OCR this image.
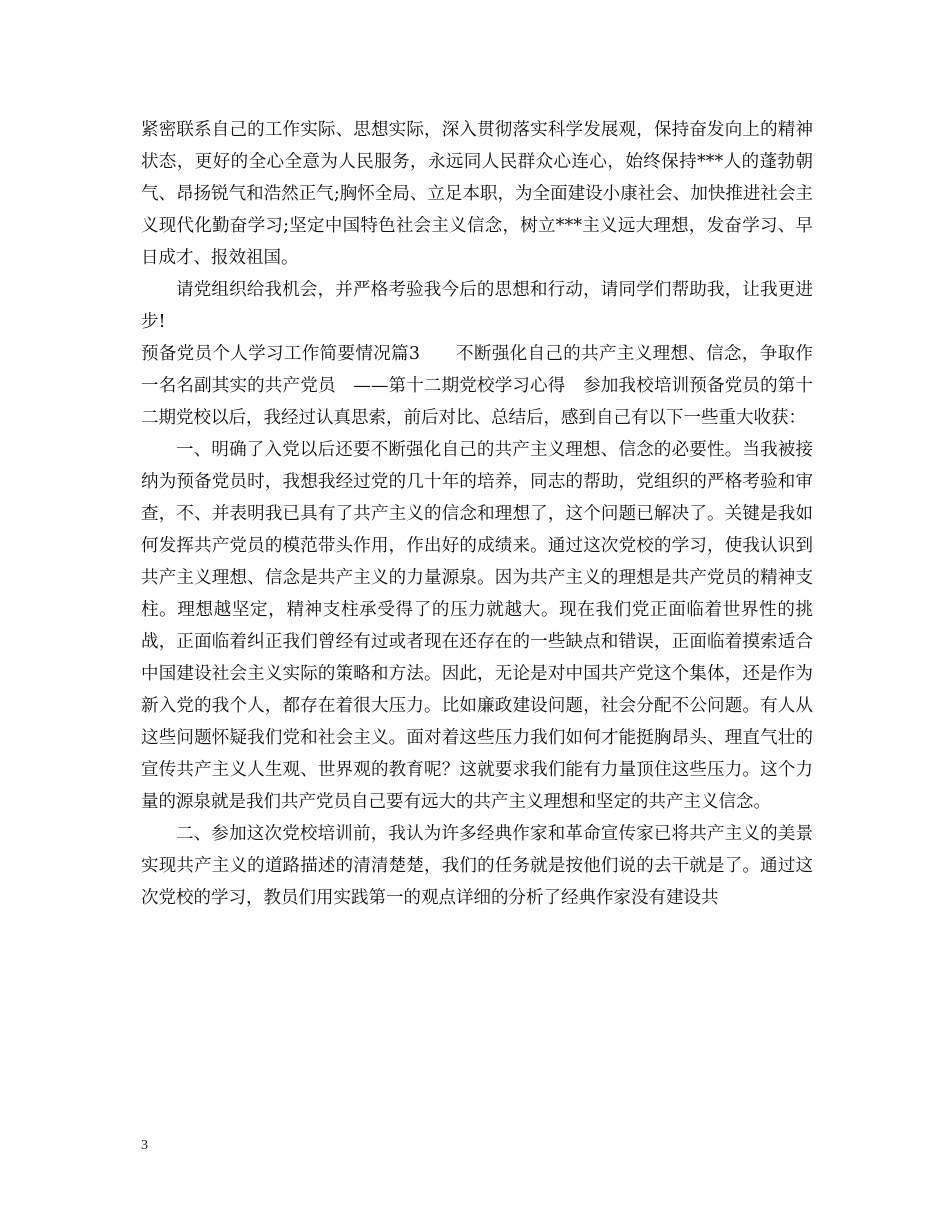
紧密联系自己的工作实际、思想实际，深入贯彻落实科学发展观，保持奋发向上的精神状态，更好的全心全意为人民服务，永远同人民群众心连心，始终保持***人的蓬勃朝气、昂扬锐气和浩然正气;胸怀全局、立足本职，为全面建设小康社会、加快推进社会主义现代化勤奋学习;坚定中国特色社会主义信念，树立***主义远大理想，发奋学习、早日成才、报效祖国。

请党组织给我机会，并严格考验我今后的思想和行动，请同学们帮助我，让我更进步!

预备党员个人学习工作简要情况篇3　　不断强化自己的共产主义理想、信念，争取作一名名副其实的共产党员　——第十二期党校学习心得　参加我校培训预备党员的第十二期党校以后，我经过认真思索，前后对比、总结后，感到自己有以下一些重大收获：

一、明确了入党以后还要不断强化自己的共产主义理想、信念的必要性。当我被接纳为预备党员时，我想我经过党的几十年的培养，同志的帮助，党组织的严格考验和审查，不、并表明我已具有了共产主义的信念和理想了，这个问题已解决了。关键是我如何发挥共产党员的模范带头作用，作出好的成绩来。通过这次党校的学习，使我认识到共产主义理想、信念是共产主义的力量源泉。因为共产主义的理想是共产党员的精神支柱。理想越坚定，精神支柱承受得了的压力就越大。现在我们党正面临着世界性的挑战，正面临着纠正我们曾经有过或者现在还存在的一些缺点和错误，正面临着摸索适合中国建设社会主义实际的策略和方法。因此，无论是对中国共产党这个集体，还是作为新入党的我个人，都存在着很大压力。比如廉政建设问题，社会分配不公问题。有人从这些问题怀疑我们党和社会主义。面对着这些压力我们如何才能挺胸昂头、理直气壮的宣传共产主义人生观、世界观的教育呢？这就要求我们能有力量顶住这些压力。这个力量的源泉就是我们共产党员自己要有远大的共产主义理想和坚定的共产主义信念。

二、参加这次党校培训前，我认为许多经典作家和革命宣传家已将共产主义的美景实现共产主义的道路描述的清清楚楚，我们的任务就是按他们说的去干就是了。通过这次党校的学习，教员们用实践第一的观点详细的分析了经典作家没有建设共

3
